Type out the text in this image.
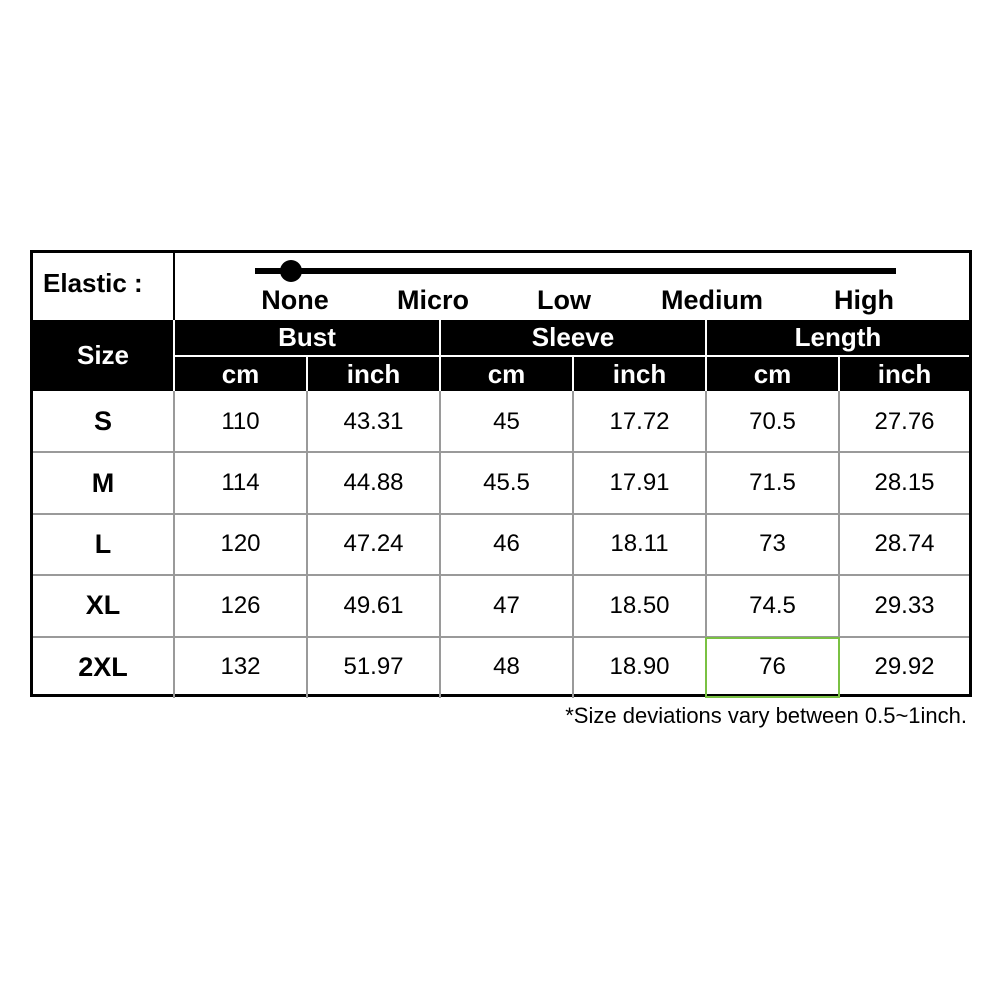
Elastic :
None	Micro	Low	Medium	High
Size
Bust	Sleeve	Length
cm	inch	cm	inch	cm	inch
S	110	43.31	45	17.72	70.5	27.76
M	114	44.88	45.5	17.91	71.5	28.15
L	120	47.24	46	18.11	73	28.74
XL	126	49.61	47	18.50	74.5	29.33
2XL	132	51.97	48	18.90	76	29.92
*Size deviations vary between 0.5~1inch.
